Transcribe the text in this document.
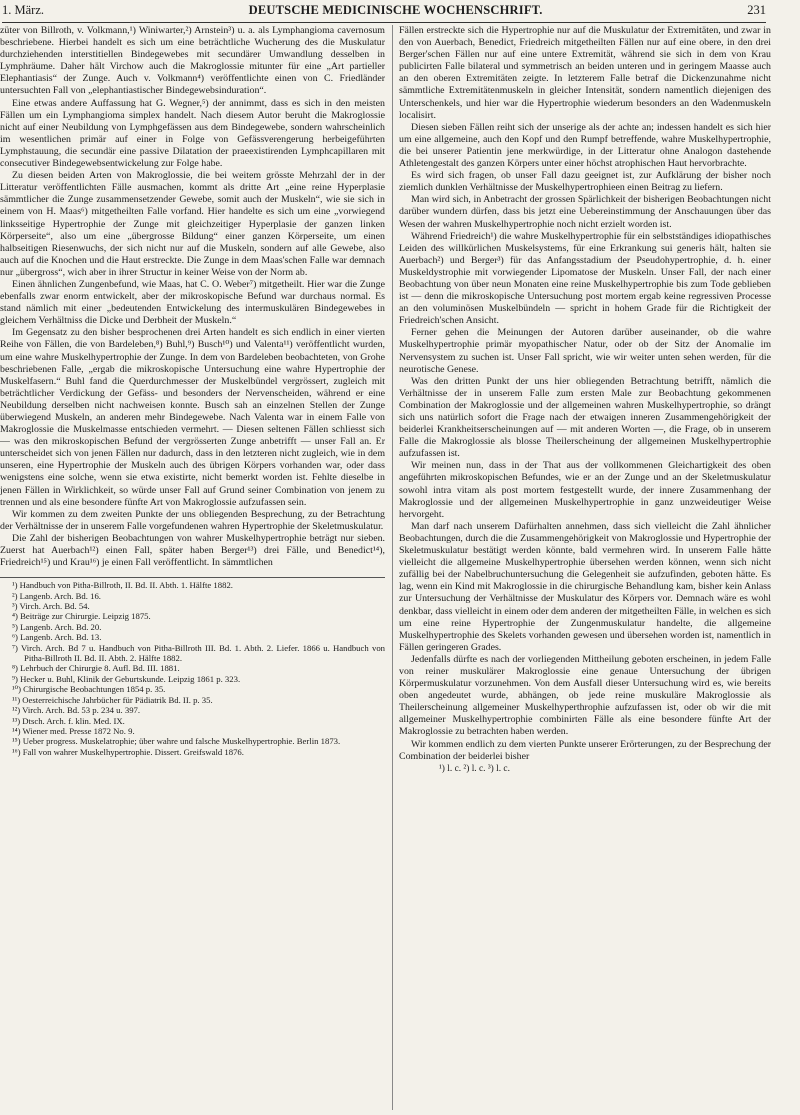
1. März.	DEUTSCHE MEDICINISCHE WOCHENSCHRIFT.	231

züter von Billroth, v. Volkmann,¹) Winiwarter,²) Arnstein³) u. a. als Lymphangioma cavernosum beschriebene. Hierbei handelt es sich um eine beträchtliche Wucherung des die Muskulatur durchziehenden interstitiellen Bindegewebes mit secundärer Umwandlung desselben in Lymphräume. Daher hält Virchow auch die Makroglossie mitunter für eine „Art partieller Elephantiasis“ der Zunge. Auch v. Volkmann⁴) veröffentlichte einen von C. Friedländer untersuchten Fall von „elephantiastischer Bindegewebsinduration“.

Eine etwas andere Auffassung hat G. Wegner,⁵) der annimmt, dass es sich in den meisten Fällen um ein Lymphangioma simplex handelt. Nach diesem Autor beruht die Makroglossie nicht auf einer Neubildung von Lymphgefässen aus dem Bindegewebe, sondern wahrscheinlich im wesentlichen primär auf einer in Folge von Gefässverengerung herbeigeführten Lymphstauung, die secundär eine passive Dilatation der praeexistirenden Lymphcapillaren mit consecutiver Bindegewebsentwickelung zur Folge habe.

Zu diesen beiden Arten von Makroglossie, die bei weitem grösste Mehrzahl der in der Litteratur veröffentlichten Fälle ausmachen, kommt als dritte Art „eine reine Hyperplasie sämmtlicher die Zunge zusammensetzender Gewebe, somit auch der Muskeln“, wie sie sich in einem von H. Maas⁶) mitgetheilten Falle vorfand. Hier handelte es sich um eine „vorwiegend linksseitige Hypertrophie der Zunge mit gleichzeitiger Hyperplasie der ganzen linken Körperseite“, also um eine „übergrosse Bildung“ einer ganzen Körperseite, um einen halbseitigen Riesenwuchs, der sich nicht nur auf die Muskeln, sondern auf alle Gewebe, also auch auf die Knochen und die Haut erstreckte. Die Zunge in dem Maas'schen Falle war demnach nur „übergross“, wich aber in ihrer Structur in keiner Weise von der Norm ab.

Einen ähnlichen Zungenbefund, wie Maas, hat C. O. Weber⁷) mitgetheilt. Hier war die Zunge ebenfalls zwar enorm entwickelt, aber der mikroskopische Befund war durchaus normal. Es stand nämlich mit einer „bedeutenden Entwickelung des intermuskulären Bindegewebes in gleichem Verhältniss die Dicke und Derbheit der Muskeln.“

Im Gegensatz zu den bisher besprochenen drei Arten handelt es sich endlich in einer vierten Reihe von Fällen, die von Bardeleben,⁸) Buhl,⁹) Busch¹⁰) und Valenta¹¹) veröffentlicht wurden, um eine wahre Muskelhypertrophie der Zunge. In dem von Bardeleben beobachteten, von Grohe beschriebenen Falle, „ergab die mikroskopische Untersuchung eine wahre Hypertrophie der Muskelfasern.“ Buhl fand die Querdurchmesser der Muskelbündel vergrössert, zugleich mit beträchtlicher Verdickung der Gefäss- und besonders der Nervenscheiden, während er eine Neubildung derselben nicht nachweisen konnte. Busch sah an einzelnen Stellen der Zunge überwiegend Muskeln, an anderen mehr Bindegewebe. Nach Valenta war in einem Falle von Makroglossie die Muskelmasse entschieden vermehrt. — Diesen seltenen Fällen schliesst sich — was den mikroskopischen Befund der vergrösserten Zunge anbetrifft — unser Fall an. Er unterscheidet sich von jenen Fällen nur dadurch, dass in den letzteren nicht zugleich, wie in dem unseren, eine Hypertrophie der Muskeln auch des übrigen Körpers vorhanden war, oder dass wenigstens eine solche, wenn sie etwa existirte, nicht bemerkt worden ist. Fehlte dieselbe in jenen Fällen in Wirklichkeit, so würde unser Fall auf Grund seiner Combination von jenem zu trennen und als eine besondere fünfte Art von Makroglossie aufzufassen sein.

Wir kommen zu dem zweiten Punkte der uns obliegenden Besprechung, zu der Betrachtung der Verhältnisse der in unserem Falle vorgefundenen wahren Hypertrophie der Skeletmuskulatur.

Die Zahl der bisherigen Beobachtungen von wahrer Muskelhypertrophie beträgt nur sieben. Zuerst hat Auerbach¹²) einen Fall, später haben Berger¹³) drei Fälle, und Benedict¹⁴), Friedreich¹⁵) und Krau¹⁶) je einen Fall veröffentlicht. In sämmtlichen

¹) Handbuch von Pitha-Billroth, II. Bd. II. Abth. 1. Hälfte 1882.
²) Langenb. Arch. Bd. 16.
³) Virch. Arch. Bd. 54.
⁴) Beiträge zur Chirurgie. Leipzig 1875.
⁵) Langenb. Arch. Bd. 20.
⁶) Langenb. Arch. Bd. 13.
⁷) Virch. Arch. Bd 7 u. Handbuch von Pitha-Billroth III. Bd. 1. Abth. 2. Liefer. 1866 u. Handbuch von Pitha-Billroth II. Bd. II. Abth. 2. Hälfte 1882.
⁸) Lehrbuch der Chirurgie 8. Aufl. Bd. III. 1881.
⁹) Hecker u. Buhl, Klinik der Geburtskunde. Leipzig 1861 p. 323.
¹⁰) Chirurgische Beobachtungen 1854 p. 35.
¹¹) Oesterreichische Jahrbücher für Pädiatrik Bd. II. p. 35.
¹²) Virch. Arch. Bd. 53 p. 234 u. 397.
¹³) Dtsch. Arch. f. klin. Med. IX.
¹⁴) Wiener med. Presse 1872 No. 9.
¹⁵) Ueber progress. Muskelatrophie; über wahre und falsche Muskelhypertrophie. Berlin 1873.
¹⁶) Fall von wahrer Muskelhypertrophie. Dissert. Greifswald 1876.

Fällen erstreckte sich die Hypertrophie nur auf die Muskulatur der Extremitäten, und zwar in den von Auerbach, Benedict, Friedreich mitgetheilten Fällen nur auf eine obere, in den drei Berger'schen Fällen nur auf eine untere Extremität, während sie sich in dem von Krau publicirten Falle bilateral und symmetrisch an beiden unteren und in geringem Maasse auch an den oberen Extremitäten zeigte. In letzterem Falle betraf die Dickenzunahme nicht sämmtliche Extremitätenmuskeln in gleicher Intensität, sondern namentlich diejenigen des Unterschenkels, und hier war die Hypertrophie wiederum besonders an den Wadenmuskeln localisirt.

Diesen sieben Fällen reiht sich der unserige als der achte an; indessen handelt es sich hier um eine allgemeine, auch den Kopf und den Rumpf betreffende, wahre Muskelhypertrophie, die bei unserer Patientin jene merkwürdige, in der Litteratur ohne Analogon dastehende Athletengestalt des ganzen Körpers unter einer höchst atrophischen Haut hervorbrachte.

Es wird sich fragen, ob unser Fall dazu geeignet ist, zur Aufklärung der bisher noch ziemlich dunklen Verhältnisse der Muskelhypertrophieen einen Beitrag zu liefern.

Man wird sich, in Anbetracht der grossen Spärlichkeit der bisherigen Beobachtungen nicht darüber wundern dürfen, dass bis jetzt eine Uebereinstimmung der Anschauungen über das Wesen der wahren Muskelhypertrophie noch nicht erzielt worden ist.

Während Friedreich¹) die wahre Muskelhypertrophie für ein selbstständiges idiopathisches Leiden des willkürlichen Muskelsystems, für eine Erkrankung sui generis hält, halten sie Auerbach²) und Berger³) für das Anfangsstadium der Pseudohypertrophie, d. h. einer Muskeldystrophie mit vorwiegender Lipomatose der Muskeln. Unser Fall, der nach einer Beobachtung von über neun Monaten eine reine Muskelhypertrophie bis zum Tode geblieben ist — denn die mikroskopische Untersuchung post mortem ergab keine regressiven Processe an den voluminösen Muskelbündeln — spricht in hohem Grade für die Richtigkeit der Friedreich'schen Ansicht.

Ferner gehen die Meinungen der Autoren darüber auseinander, ob die wahre Muskelhypertrophie primär myopathischer Natur, oder ob der Sitz der Anomalie im Nervensystem zu suchen ist. Unser Fall spricht, wie wir weiter unten sehen werden, für die neurotische Genese.

Was den dritten Punkt der uns hier obliegenden Betrachtung betrifft, nämlich die Verhältnisse der in unserem Falle zum ersten Male zur Beobachtung gekommenen Combination der Makroglossie und der allgemeinen wahren Muskelhypertrophie, so drängt sich uns natürlich sofort die Frage nach der etwaigen inneren Zusammengehörigkeit der beiderlei Krankheitserscheinungen auf — mit anderen Worten —, die Frage, ob in unserem Falle die Makroglossie als blosse Theilerscheinung der allgemeinen Muskelhypertrophie aufzufassen ist.

Wir meinen nun, dass in der That aus der vollkommenen Gleichartigkeit des oben angeführten mikroskopischen Befundes, wie er an der Zunge und an der Skeletmuskulatur sowohl intra vitam als post mortem festgestellt wurde, der innere Zusammenhang der Makroglossie und der allgemeinen Muskelhypertrophie in ganz unzweideutiger Weise hervorgeht.

Man darf nach unserem Dafürhalten annehmen, dass sich vielleicht die Zahl ähnlicher Beobachtungen, durch die die Zusammengehörigkeit von Makroglossie und Hypertrophie der Skeletmuskulatur bestätigt werden könnte, bald vermehren wird. In unserem Falle hätte vielleicht die allgemeine Muskelhypertrophie übersehen werden können, wenn sich nicht zufällig bei der Nabelbruchuntersuchung die Gelegenheit sie aufzufinden, geboten hätte. Es lag, wenn ein Kind mit Makroglossie in die chirurgische Behandlung kam, bisher kein Anlass zur Untersuchung der Verhältnisse der Muskulatur des Körpers vor. Demnach wäre es wohl denkbar, dass vielleicht in einem oder dem anderen der mitgetheilten Fälle, in welchen es sich um eine reine Hypertrophie der Zungenmuskulatur handelte, die allgemeine Muskelhypertrophie des Skelets vorhanden gewesen und übersehen worden ist, namentlich in Fällen geringeren Grades.

Jedenfalls dürfte es nach der vorliegenden Mittheilung geboten erscheinen, in jedem Falle von reiner muskulärer Makroglossie eine genaue Untersuchung der übrigen Körpermuskulatur vorzunehmen. Von dem Ausfall dieser Untersuchung wird es, wie bereits oben angedeutet wurde, abhängen, ob jede reine muskuläre Makroglossie als Theilerscheinung allgemeiner Muskelhyperthrophie aufzufassen ist, oder ob wir die mit allgemeiner Muskelhypertrophie combinirten Fälle als eine besondere fünfte Art der Makroglossie zu betrachten haben werden.

Wir kommen endlich zu dem vierten Punkte unserer Erörterungen, zu der Besprechung der Combination der beiderlei bisher

¹) l. c. ²) l. c. ³) l. c.
